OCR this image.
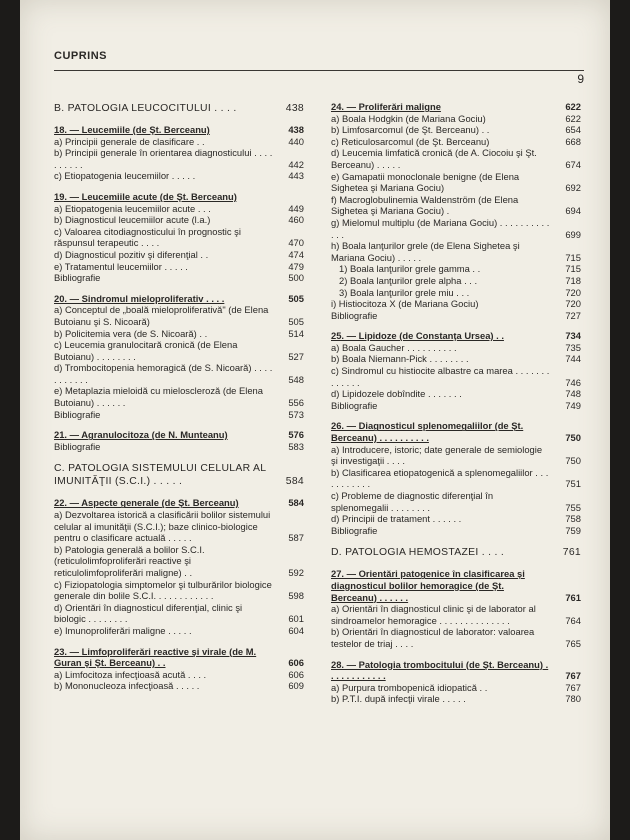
CUPRINS
9
B. PATOLOGIA LEUCOCITULUI . . . .	438
18. — Leucemiile (de Şt. Berceanu)	438
a) Principii generale de clasificare . .	440
b) Principii generale în orientarea diagnosticului . . . . . . . . . .	442
c) Etiopatogenia leucemiilor . . . . .	443
19. — Leucemiile acute (de Şt. Berceanu)
a) Etiopatogenia leucemiilor acute . . .	449
b) Diagnosticul leucemiilor acute (l.a.)	460
c) Valoarea citodiagnosticului în prognostic şi răspunsul terapeutic . . . .	470
d) Diagnosticul pozitiv şi diferenţial . .	474
e) Tratamentul leucemiilor . . . . .	479
Bibliografie	500
20. — Sindromul mieloproliferativ . . . .	505
a) Conceptul de „boală mieloproliferativă" (de Elena Butoianu şi S. Nicoară)	505
b) Policitemia vera (de S. Nicoară) . .	514
c) Leucemia granulocitară cronică (de Elena Butoianu) . . . . . . . .	527
d) Trombocitopenia hemoragică (de S. Nicoară) . . . . . . . . . . .	548
e) Metaplazia mieloidă cu mieloscleroză (de Elena Butoianu) . . . . . .	556
Bibliografie	573
21. — Agranulocitoza (de N. Munteanu)	576
Bibliografie	583
C. PATOLOGIA SISTEMULUI CELULAR AL IMUNITĂŢII (S.C.I.) . . . . .	584
22. — Aspecte generale (de Şt. Berceanu)	584
a) Dezvoltarea istorică a clasificării bolilor sistemului celular al imunităţii (S.C.I.); baze clinico-biologice pentru o clasificare actuală . . . . .	587
b) Patologia generală a bolilor S.C.I. (reticulolimfoproliferări reactive şi reticulolimfoproliferări maligne) . .	592
c) Fiziopatologia simptomelor şi tulburărilor biologice generale din bolile S.C.I. . . . . . . . . . . .	598
d) Orientări în diagnosticul diferenţial, clinic şi biologic . . . . . . . .	601
e) Imunoproliferări maligne . . . . .	604
23. — Limfoproliferări reactive şi virale (de M. Guran şi Şt. Berceanu) . .	606
a) Limfocitoza infecţioasă acută . . . .	606
b) Mononucleoza infecţioasă . . . . .	609
24. — Proliferări maligne	622
a) Boala Hodgkin (de Mariana Gociu)	622
b) Limfosarcomul (de Şt. Berceanu) . .	654
c) Reticulosarcomul (de Şt. Berceanu)	668
d) Leucemia limfatică cronică (de A. Ciocoiu şi Şt. Berceanu) . . . . .	674
e) Gamapatii monoclonale benigne (de Elena Sighetea şi Mariana Gociu)	692
f) Macroglobulinemia Waldenström (de Elena Sighetea şi Mariana Gociu) .	694
g) Mielomul multiplu (de Mariana Gociu) . . . . . . . . . . . . .	699
h) Boala lanţurilor grele (de Elena Sighetea şi Mariana Gociu) . . . . .	715
1) Boala lanţurilor grele gamma . .	715
2) Boala lanţurilor grele alpha . . .	718
3) Boala lanţurilor grele miu . . .	720
i) Histiocitoza X (de Mariana Gociu)	720
Bibliografie	727
25. — Lipidoze (de Constanţa Ursea) . .	734
a) Boala Gaucher . . . . . . . . . .	735
b) Boala Niemann-Pick . . . . . . . .	744
c) Sindromul cu histiocite albastre ca marea . . . . . . . . . . . . .	746
d) Lipidozele dobîndite . . . . . . .	748
Bibliografie	749
26. — Diagnosticul splenomegaliilor (de Şt. Berceanu) . . . . . . . . . .	750
a) Introducere, istoric; date generale de semiologie şi investigaţii . . . .	750
b) Clasificarea etiopatogenică a splenomegaliilor . . . . . . . . . . .	751
c) Probleme de diagnostic diferenţial în splenomegalii . . . . . . . .	755
d) Principii de tratament . . . . . .	758
Bibliografie	759
D. PATOLOGIA HEMOSTAZEI . . . .	761
27. — Orientări patogenice în clasificarea şi diagnosticul bolilor hemoragice (de Şt. Berceanu) . . . . . .	761
a) Orientări în diagnosticul clinic şi de laborator al sindroamelor hemoragice . . . . . . . . . . . . . .	764
b) Orientări în diagnosticul de laborator: valoarea testelor de triaj . . . .	765
28. — Patologia trombocitului (de Şt. Berceanu) . . . . . . . . . . . .	767
a) Purpura trombopenică idiopatică . .	767
b) P.T.I. după infecţii virale . . . . .	780
